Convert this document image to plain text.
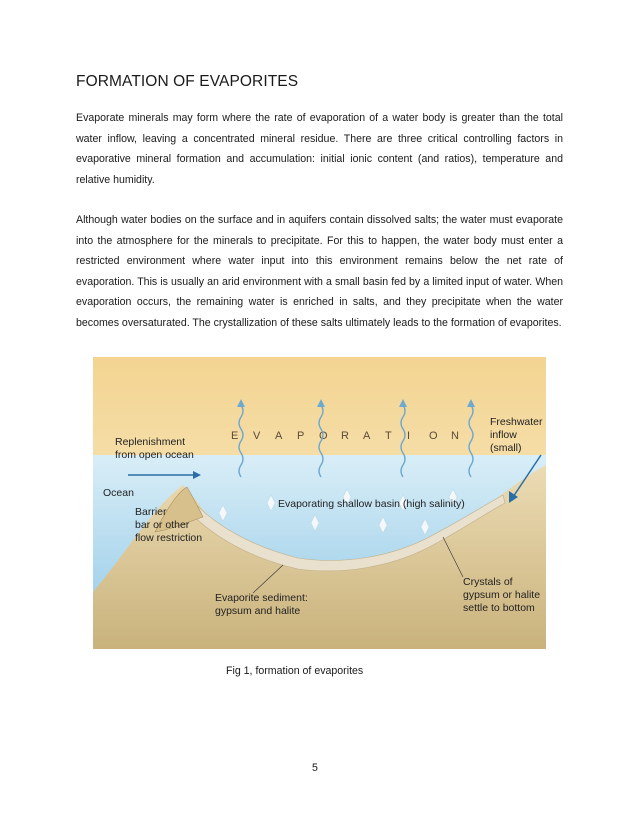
FORMATION OF EVAPORITES

Evaporate minerals may form where the rate of evaporation of a water body is greater than the total water inflow, leaving a concentrated mineral residue. There are three critical controlling factors in evaporative mineral formation and accumulation: initial ionic content (and ratios), temperature and relative humidity.

Although water bodies on the surface and in aquifers contain dissolved salts; the water must evaporate into the atmosphere for the minerals to precipitate. For this to happen, the water body must enter a restricted environment where water input into this environment remains below the net rate of evaporation. This is usually an arid environment with a small basin fed by a limited input of water. When evaporation occurs, the remaining water is enriched in salts, and they precipitate when the water becomes oversaturated. The crystallization of these salts ultimately leads to the formation of evaporites.

E V A P O R A T I O N
Replenishment from open ocean
Ocean
Barrier bar or other flow restriction
Evaporating shallow basin (high salinity)
Freshwater inflow (small)
Evaporite sediment: gypsum and halite
Crystals of gypsum or halite settle to bottom
Fig 1, formation of evaporites
5
